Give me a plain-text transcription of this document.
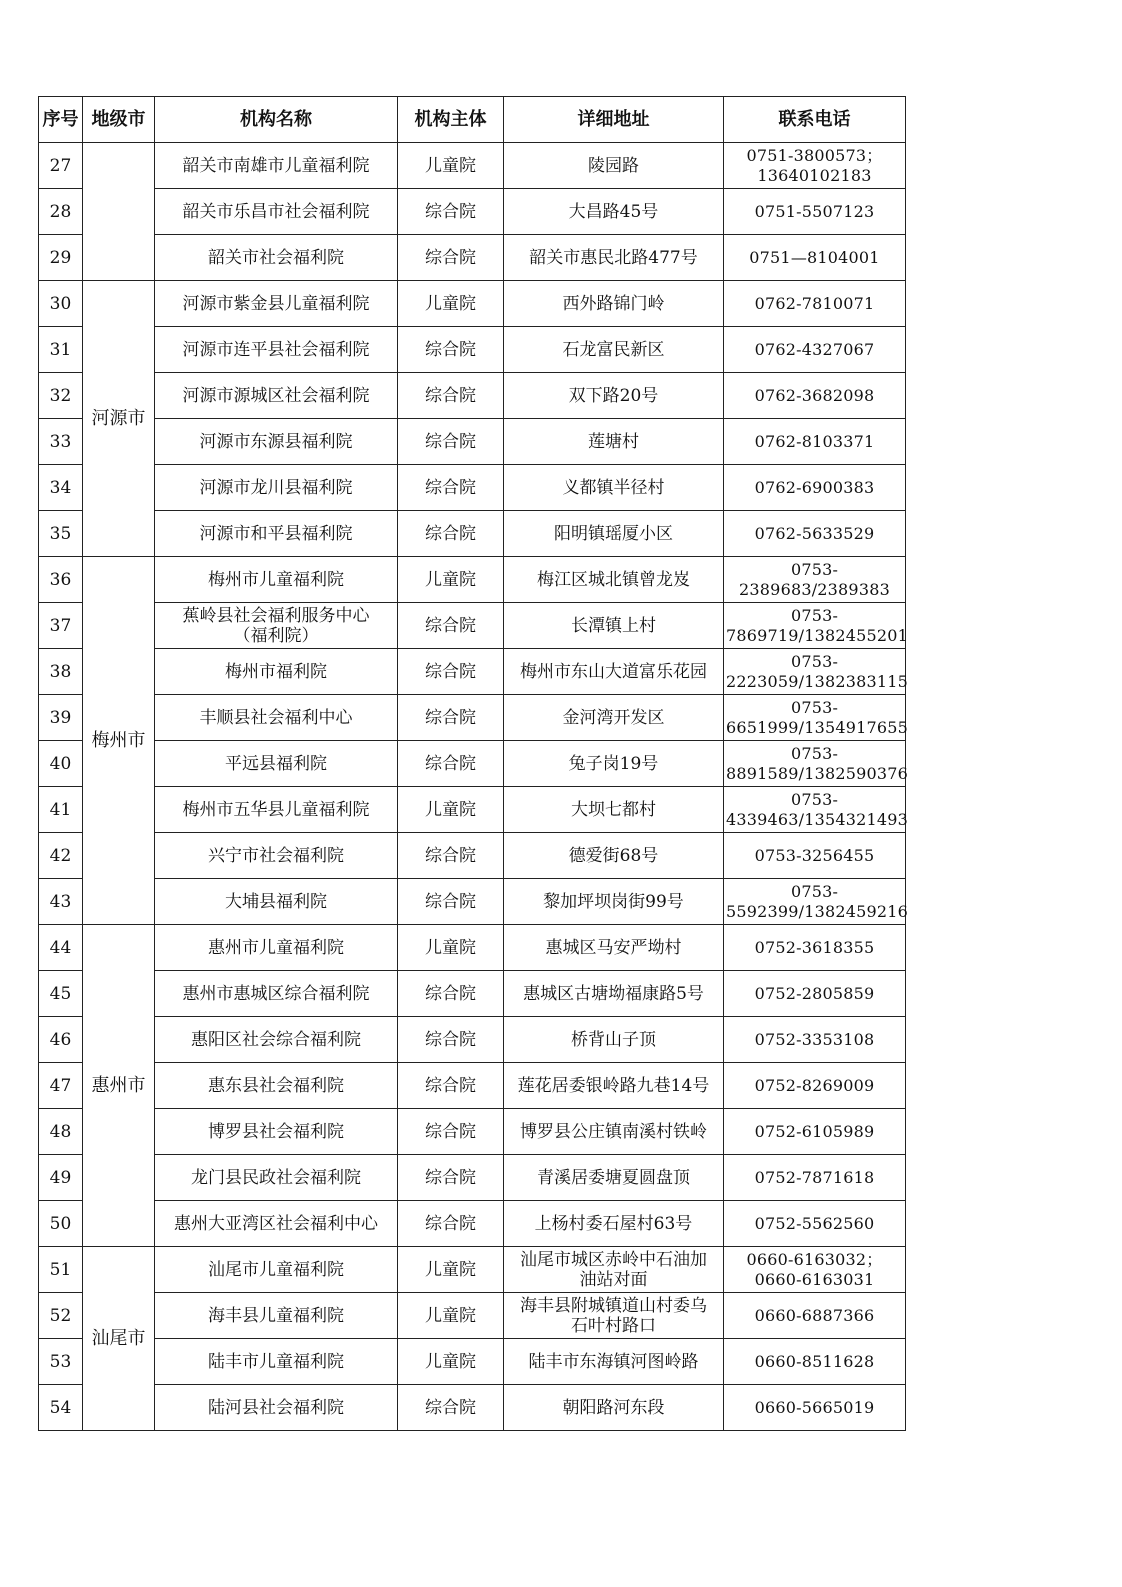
序号	地级市	机构名称	机构主体	详细地址	联系电话
27		韶关市南雄市儿童福利院	儿童院	陵园路	0751-3800573；
13640102183
28		韶关市乐昌市社会福利院	综合院	大昌路45号	0751-5507123
29		韶关市社会福利院	综合院	韶关市惠民北路477号	0751—8104001
30	河源市	河源市紫金县儿童福利院	儿童院	西外路锦门岭	0762-7810071
31		河源市连平县社会福利院	综合院	石龙富民新区	0762-4327067
32		河源市源城区社会福利院	综合院	双下路20号	0762-3682098
33		河源市东源县福利院	综合院	莲塘村	0762-8103371
34		河源市龙川县福利院	综合院	义都镇半径村	0762-6900383
35		河源市和平县福利院	综合院	阳明镇瑶厦小区	0762-5633529
36	梅州市	梅州市儿童福利院	儿童院	梅江区城北镇曾龙岌	0753-
2389683/2389383
37		蕉岭县社会福利服务中心
（福利院）	综合院	长潭镇上村	0753-
7869719/1382455201
38		梅州市福利院	综合院	梅州市东山大道富乐花园	0753-
2223059/1382383115
39		丰顺县社会福利中心	综合院	金河湾开发区	0753-
6651999/1354917655
40		平远县福利院	综合院	兔子岗19号	0753-
8891589/1382590376
41		梅州市五华县儿童福利院	儿童院	大坝七都村	0753-
4339463/1354321493
42		兴宁市社会福利院	综合院	德爱街68号	0753-3256455
43		大埔县福利院	综合院	黎加坪坝岗街99号	0753-
5592399/1382459216
44	惠州市	惠州市儿童福利院	儿童院	惠城区马安严坳村	0752-3618355
45		惠州市惠城区综合福利院	综合院	惠城区古塘坳福康路5号	0752-2805859
46		惠阳区社会综合福利院	综合院	桥背山子顶	0752-3353108
47		惠东县社会福利院	综合院	莲花居委银岭路九巷14号	0752-8269009
48		博罗县社会福利院	综合院	博罗县公庄镇南溪村铁岭	0752-6105989
49		龙门县民政社会福利院	综合院	青溪居委塘夏圆盘顶	0752-7871618
50		惠州大亚湾区社会福利中心	综合院	上杨村委石屋村63号	0752-5562560
51	汕尾市	汕尾市儿童福利院	儿童院	汕尾市城区赤岭中石油加
油站对面	0660-6163032；
0660-6163031
52		海丰县儿童福利院	儿童院	海丰县附城镇道山村委乌
石叶村路口	0660-6887366
53		陆丰市儿童福利院	儿童院	陆丰市东海镇河图岭路	0660-8511628
54		陆河县社会福利院	综合院	朝阳路河东段	0660-5665019
